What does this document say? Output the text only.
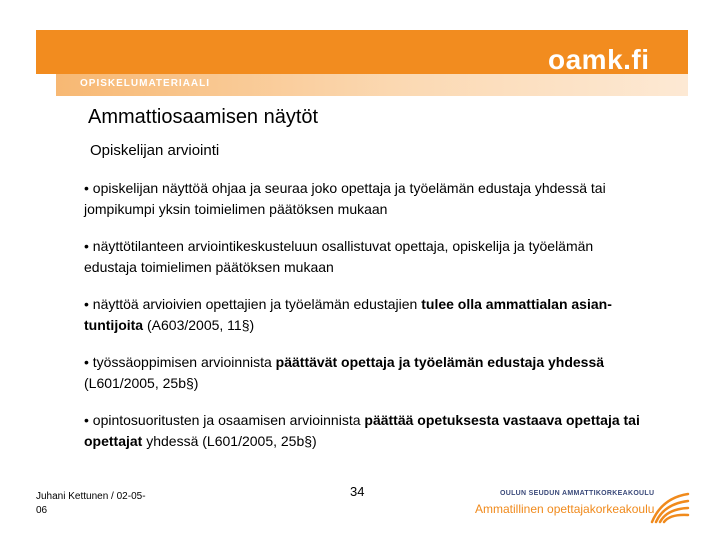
OPISKELUMATERIAALI
oamk.fi
Ammattiosaamisen näytöt
Opiskelijan arviointi
• opiskelijan näyttöä ohjaa ja seuraa joko opettaja ja työelämän edustaja yhdessä tai jompikumpi yksin toimielimen päätöksen mukaan
• näyttötilanteen arviointikeskusteluun osallistuvat opettaja, opiskelija ja työelämän edustaja toimielimen päätöksen mukaan
• näyttöä arvioivien opettajien ja työelämän edustajien tulee olla ammattialan asian-tuntijoita (A603/2005, 11§)
• työssäoppimisen arvioinnista päättävät opettaja ja työelämän edustaja yhdessä (L601/2005, 25b§)
• opintosuoritusten ja osaamisen arvioinnista päättää opetuksesta vastaava opettaja tai opettajat yhdessä (L601/2005, 25b§)
Juhani Kettunen / 02-05-06
34	OULUN SEUDUN AMMATTIKORKEAKOULU
Ammatillinen opettajakorkeakoulu
